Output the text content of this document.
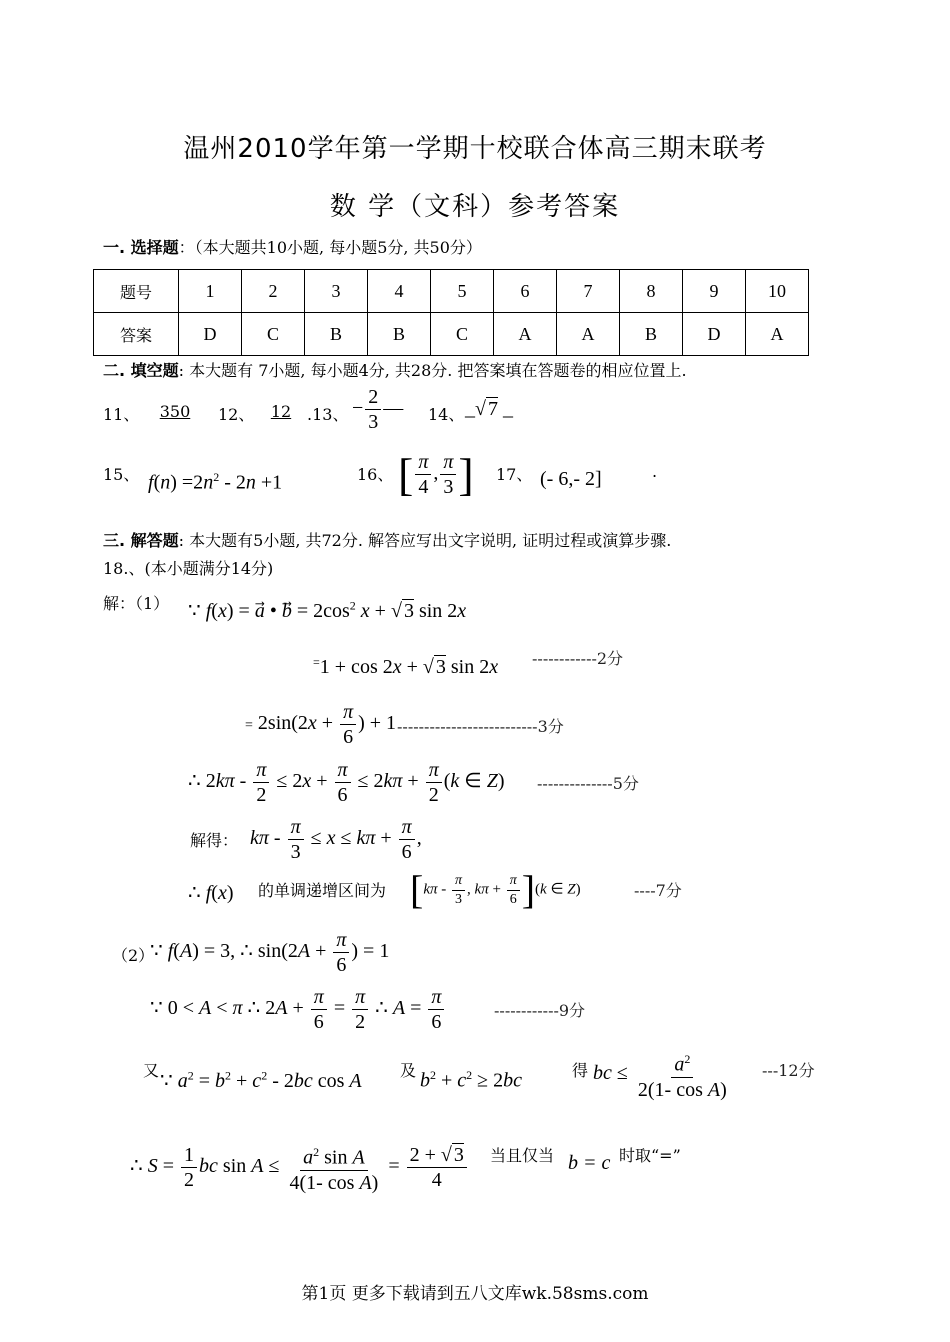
温州2010学年第一学期十校联合体高三期末联考
数 学（文科）参考答案
一. 选择题：（本大题共10小题, 每小题5分, 共50分）
题号	1	2	3	4	5	6	7	8	9	10
答案	D	C	B	B	C	A	A	B	D	A
二. 填空题: 本大题有 7小题, 每小题4分, 共28分. 把答案填在答题卷的相应位置上.
11、	350	12、	12 .13、 − $\frac{2}{3}$ — 14、 _√ 7 _
15、 $f(n) =2n^2 - 2n +1$	16、 [ $\frac{\pi}{4}$ , $\frac{\pi}{3}$ ] 17、 (- 6,- 2]	.
三. 解答题: 本大题有5小题, 共72分. 解答应写出文字说明, 证明过程或演算步骤.
18.、(本小题满分14分)
解：（1） ∵ f(x) = a⃗ • b⃗ = $2\cos^2$ x + √ 3 sin 2x
=1 + cos 2x + √ 3 sin 2x ------------2分
= $2\sin(2x + \frac{\pi}{6}$ ) + 1 --------------------------3分
∴ $2k\pi - \frac{\pi}{2} \le 2x + \frac{\pi}{6} \le 2k\pi + \frac{\pi}{2} (k$ ∈ Z) --------------5分
解得： $k\pi - \frac{\pi}{3} \le x \le k\pi + \frac{\pi}{6}$ ,
∴ f(x) 的单调递增区间为 [$k\pi - \frac{\pi}{3}$ , $k\pi + \frac{\pi}{6} ](k$ ∈ Z)	----7分
（2）
∵ f(A) = 3, ∴ $\sin(2A + \frac{\pi}{6}$ ) = 1
∵ 0 < A < π ∴ $2A + \frac{\pi}{6} = \frac{\pi}{2}$ ∴ $A = \frac{\pi}{6}$	------------9分
又 ∵ $a^2 = b^2 + c^2 - 2bc$ cos A 及 $b^2 + c^2 \ge 2bc$	得 bc ≤ $\frac{a^2}{\text{2(1- cos A)}} ---12$分
∴ $S = \frac{1}{2}$ bc $\sin A \le \frac{a^2 \sin A}{\text{4(1- cos A)}} = \frac{2 + √ 3}{4}$ 当且仅当 b = c 时取“=”
第1页 更多下载请到五八文库wk.58sms.com
